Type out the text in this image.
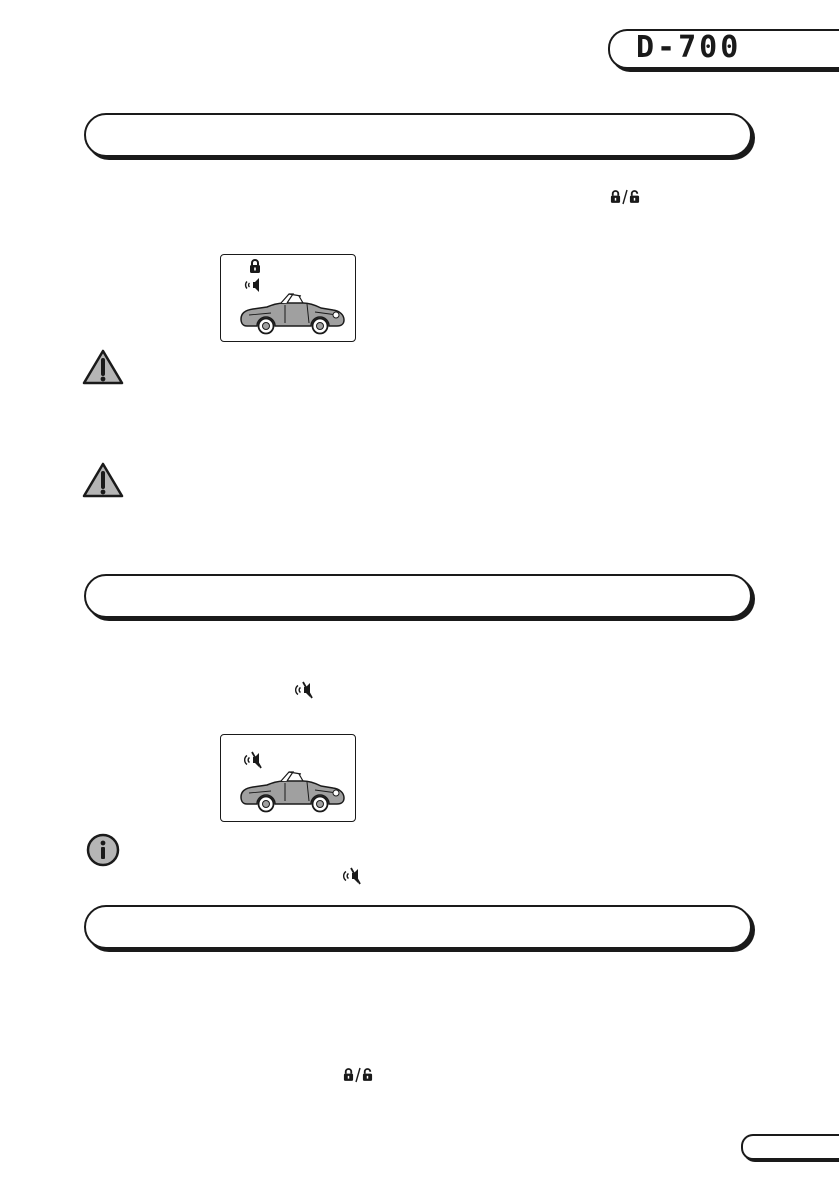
D-700
